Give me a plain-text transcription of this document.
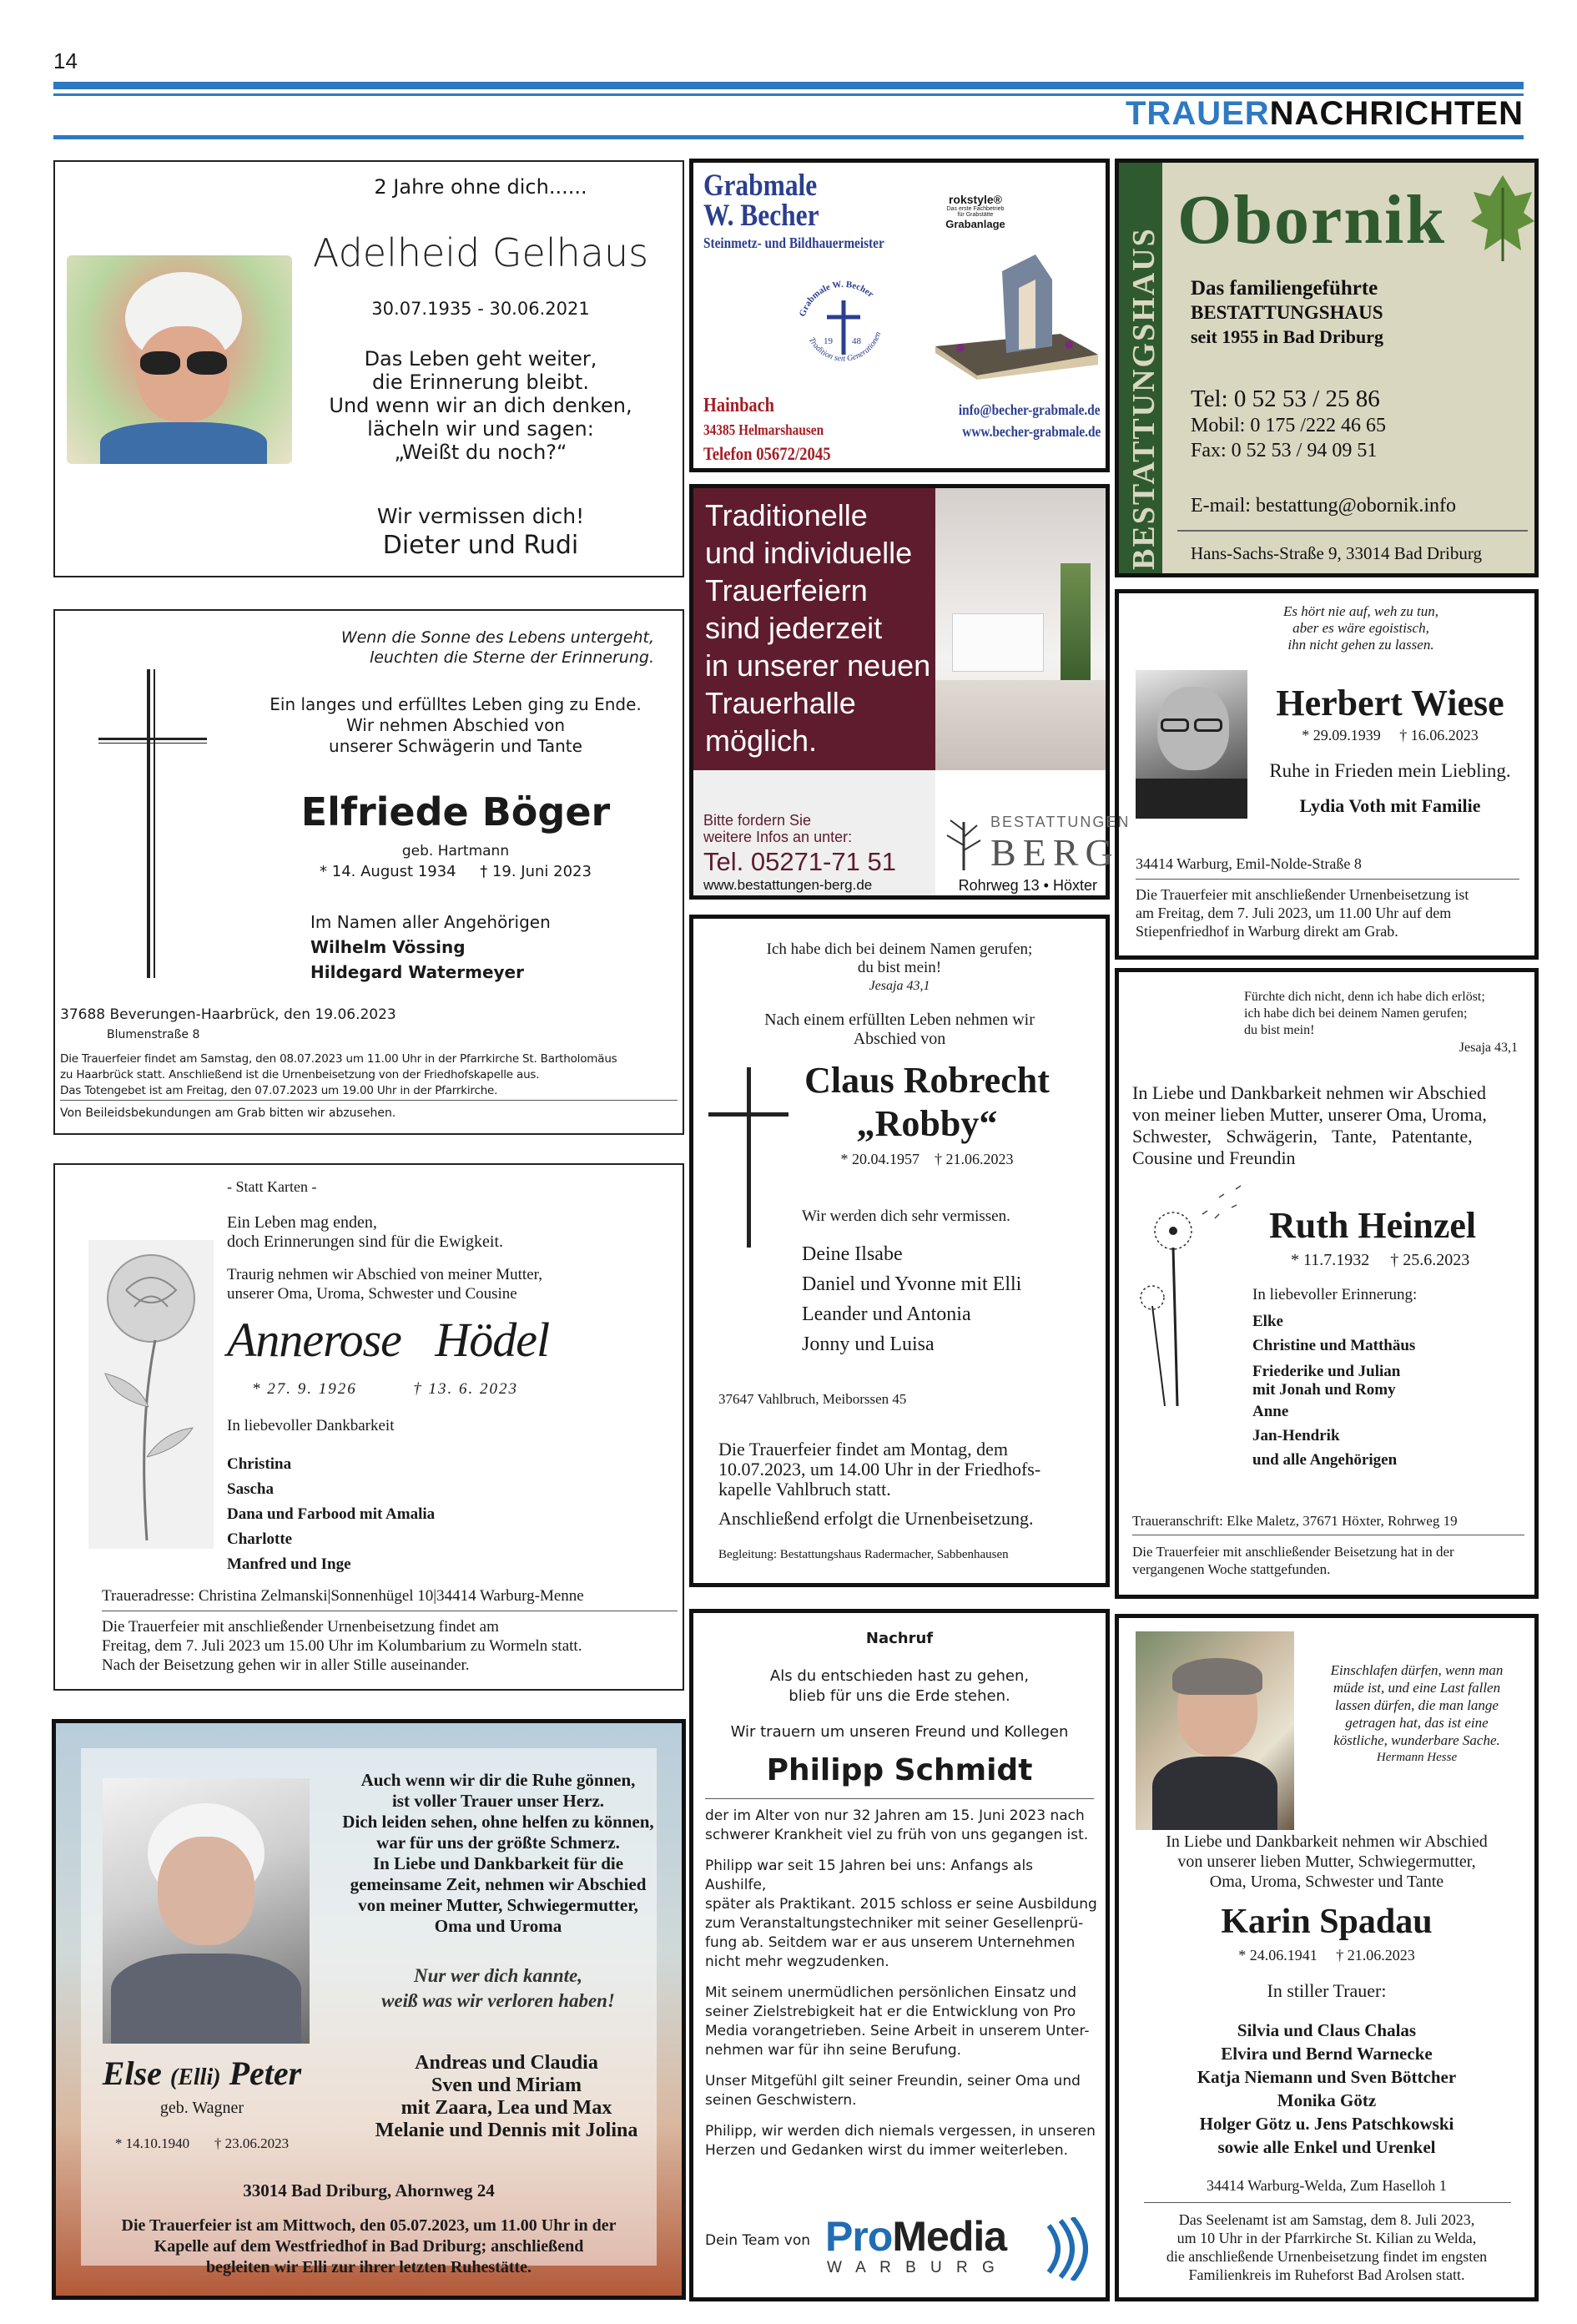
14
TRAUERNACHRICHTEN
2 Jahre ohne dich......
Adelheid Gelhaus
30.07.1935 - 30.06.2021
Das Leben geht weiter,
die Erinnerung bleibt.
Und wenn wir an dich denken,
lächeln wir und sagen:
„Weißt du noch?“
Wir vermissen dich!
Dieter und Rudi
Grabmale
W. Becher
Steinmetz- und Bildhauermeister
rokstyle®
Das erste Fachbetrieb
für Grabstätte
Grabanlage
Grabmale W. Becher
Tradition seit Generationen
19 48
Hainbach
34385 Helmarshausen
Telefon 05672/2045
info@becher-grabmale.de
www.becher-grabmale.de BESTATTUNGSHAUS
Obornik
Das familiengeführte
BESTATTUNGSHAUS
seit 1955 in Bad Driburg
Tel: 0 52 53 / 25 86
Mobil: 0 175 /222 46 65
Fax: 0 52 53 / 94 09 51
E-mail: bestattung@obornik.info
Hans-Sachs-Straße 9, 33014 Bad Driburg
Wenn die Sonne des Lebens untergeht,
leuchten die Sterne der Erinnerung.
Ein langes und erfülltes Leben ging zu Ende.
Wir nehmen Abschied von
unserer Schwägerin und Tante
Elfriede Böger
geb. Hartmann
* 14. August 1934     † 19. Juni 2023
Im Namen aller Angehörigen
Wilhelm Vössing
Hildegard Watermeyer
37688 Beverungen-Haarbrück, den 19.06.2023
Blumenstraße 8
Die Trauerfeier findet am Samstag, den 08.07.2023 um 11.00 Uhr in der Pfarrkirche St. Bartholomäus
zu Haarbrück statt. Anschließend ist die Urnenbeisetzung von der Friedhofskapelle aus.
Das Totengebet ist am Freitag, den 07.07.2023 um 19.00 Uhr in der Pfarrkirche.
Von Beileidsbekundungen am Grab bitten wir abzusehen.
Traditionelle
und individuelle
Trauerfeiern
sind jederzeit
in unserer neuen
Trauerhalle
möglich.
Bitte fordern Sie
weitere Infos an unter:
Tel. 05271-71 51
www.bestattungen-berg.de
BESTATTUNGEN
BERG
Rohrweg 13 • Höxter
Es hört nie auf, weh zu tun,
aber es wäre egoistisch,
ihn nicht gehen zu lassen.
Herbert Wiese
* 29.09.1939     † 16.06.2023
Ruhe in Frieden mein Liebling.
Lydia Voth mit Familie
34414 Warburg, Emil-Nolde-Straße 8
Die Trauerfeier mit anschließender Urnenbeisetzung ist
am Freitag, dem 7. Juli 2023, um 11.00 Uhr auf dem
Stiepenfriedhof in Warburg direkt am Grab.
- Statt Karten -
Ein Leben mag enden,
doch Erinnerungen sind für die Ewigkeit.
Traurig nehmen wir Abschied von meiner Mutter,
unserer Oma, Uroma, Schwester und Cousine
Annerose   Hödel
* 27. 9. 1926          † 13. 6. 2023
In liebevoller Dankbarkeit
Christina
Sascha
Dana und Farbood mit Amalia
Charlotte
Manfred und Inge
Traueradresse: Christina Zelmanski|Sonnenhügel 10|34414 Warburg-Menne
Die Trauerfeier mit anschließender Urnenbeisetzung findet am
Freitag, dem 7. Juli 2023 um 15.00 Uhr im Kolumbarium zu Wormeln statt.
Nach der Beisetzung gehen wir in aller Stille auseinander.
Ich habe dich bei deinem Namen gerufen;
du bist mein!
Jesaja 43,1
Nach einem erfüllten Leben nehmen wir
Abschied von
Claus Robrecht
„Robby“
* 20.04.1957    † 21.06.2023
Wir werden dich sehr vermissen.
Deine Ilsabe
Daniel und Yvonne mit Elli
Leander und Antonia
Jonny und Luisa
37647 Vahlbruch, Meiborssen 45
Die Trauerfeier findet am Montag, dem
10.07.2023, um 14.00 Uhr in der Friedhofs-
kapelle Vahlbruch statt.
Anschließend erfolgt die Urnenbeisetzung.
Begleitung: Bestattungshaus Radermacher, Sabbenhausen
Fürchte dich nicht, denn ich habe dich erlöst;
ich habe dich bei deinem Namen gerufen;
du bist mein!
Jesaja 43,1
In Liebe und Dankbarkeit nehmen wir Abschied
von meiner lieben Mutter, unserer Oma, Uroma,
Schwester, Schwägerin, Tante, Patentante,
Cousine und Freundin
Ruth Heinzel
* 11.7.1932     † 25.6.2023
In liebevoller Erinnerung:
Elke
Christine und Matthäus
Friederike und Julian
mit Jonah und Romy
Anne
Jan-Hendrik
und alle Angehörigen
Traueranschrift: Elke Maletz, 37671 Höxter, Rohrweg 19
Die Trauerfeier mit anschließender Beisetzung hat in der
vergangenen Woche stattgefunden.
Auch wenn wir dir die Ruhe gönnen,
ist voller Trauer unser Herz.
Dich leiden sehen, ohne helfen zu können,
war für uns der größte Schmerz.
In Liebe und Dankbarkeit für die
gemeinsame Zeit, nehmen wir Abschied
von meiner Mutter, Schwiegermutter,
Oma und Uroma
Nur wer dich kannte,
weiß was wir verloren haben!
Else (Elli) Peter
geb. Wagner
* 14.10.1940       † 23.06.2023
Andreas und Claudia
Sven und Miriam
mit Zaara, Lea und Max
Melanie und Dennis mit Jolina
33014 Bad Driburg, Ahornweg 24
Die Trauerfeier ist am Mittwoch, den 05.07.2023, um 11.00 Uhr in der
Kapelle auf dem Westfriedhof in Bad Driburg; anschließend
begleiten wir Elli zur ihrer letzten Ruhestätte.
Nachruf
Als du entschieden hast zu gehen,
blieb für uns die Erde stehen.
Wir trauern um unseren Freund und Kollegen
Philipp Schmidt
der im Alter von nur 32 Jahren am 15. Juni 2023 nach
schwerer Krankheit viel zu früh von uns gegangen ist.
Philipp war seit 15 Jahren bei uns: Anfangs als Aushilfe,
später als Praktikant. 2015 schloss er seine Ausbildung
zum Veranstaltungstechniker mit seiner Gesellenprü-
fung ab. Seitdem war er aus unserem Unternehmen
nicht mehr wegzudenken.
Mit seinem unermüdlichen persönlichen Einsatz und
seiner Zielstrebigkeit hat er die Entwicklung von Pro
Media vorangetrieben. Seine Arbeit in unserem Unter-
nehmen war für ihn seine Berufung.
Unser Mitgefühl gilt seiner Freundin, seiner Oma und
seinen Geschwistern.
Philipp, wir werden dich niemals vergessen, in unseren
Herzen und Gedanken wirst du immer weiterleben.
Dein Team von ProMedia
W A R B U R G
Einschlafen dürfen, wenn man
müde ist, und eine Last fallen
lassen dürfen, die man lange
getragen hat, das ist eine
köstliche, wunderbare Sache.
Hermann Hesse
In Liebe und Dankbarkeit nehmen wir Abschied
von unserer lieben Mutter, Schwiegermutter,
Oma, Uroma, Schwester und Tante
Karin Spadau
* 24.06.1941     † 21.06.2023
In stiller Trauer:
Silvia und Claus Chalas
Elvira und Bernd Warnecke
Katja Niemann und Sven Böttcher
Monika Götz
Holger Götz u. Jens Patschkowski
sowie alle Enkel und Urenkel
34414 Warburg-Welda, Zum Haselloh 1
Das Seelenamt ist am Samstag, dem 8. Juli 2023,
um 10 Uhr in der Pfarrkirche St. Kilian zu Welda,
die anschließende Urnenbeisetzung findet im engsten
Familienkreis im Ruheforst Bad Arolsen statt.
